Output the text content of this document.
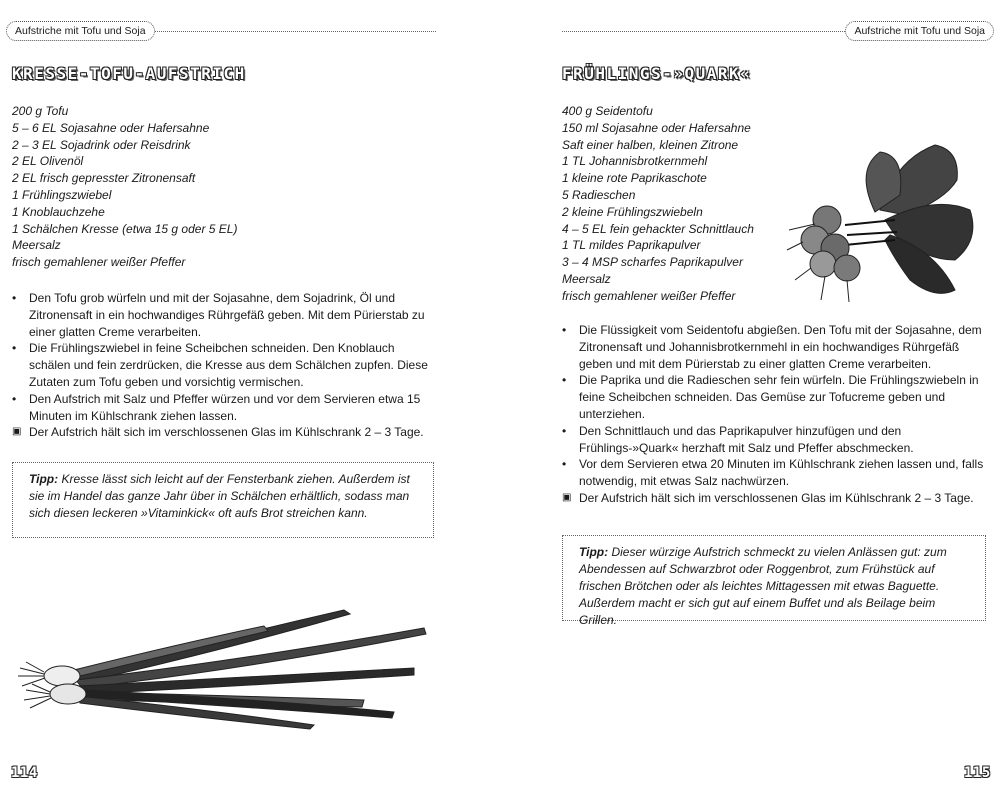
Aufstriche mit Tofu und Soja
KRESSE-TOFU-AUFSTRICH
200 g Tofu
5 – 6 EL Sojasahne oder Hafersahne
2 – 3 EL Sojadrink oder Reisdrink
2 EL Olivenöl
2 EL frisch gepresster Zitronensaft
1 Frühlingszwiebel
1 Knoblauchzehe
1 Schälchen Kresse (etwa 15 g oder 5 EL)
Meersalz
frisch gemahlener weißer Pfeffer
•	Den Tofu grob würfeln und mit der Sojasahne, dem Sojadrink, Öl und Zitronensaft in ein hochwandiges Rührgefäß geben. Mit dem Pürierstab zu einer glatten Creme verarbeiten.
•	Die Frühlingszwiebel in feine Scheibchen schneiden. Den Knoblauch schälen und fein zerdrücken, die Kresse aus dem Schälchen zupfen. Diese Zutaten zum Tofu geben und vorsichtig vermischen.
•	Den Aufstrich mit Salz und Pfeffer würzen und vor dem Servieren etwa 15 Minuten im Kühlschrank ziehen lassen.
▣ Der Aufstrich hält sich im verschlossenen Glas im Kühlschrank 2 – 3 Tage.
Tipp: Kresse lässt sich leicht auf der Fensterbank ziehen. Außerdem ist sie im Handel das ganze Jahr über in Schälchen erhältlich, sodass man sich diesen leckeren »Vitaminkick« oft aufs Brot streichen kann.
114
Aufstriche mit Tofu und Soja
FRÜHLINGS-»QUARK«
400 g Seidentofu
150 ml Sojasahne oder Hafersahne
Saft einer halben, kleinen Zitrone
1 TL Johannisbrotkernmehl
1 kleine rote Paprikaschote
5 Radieschen
2 kleine Frühlingszwiebeln
4 – 5 EL fein gehackter Schnittlauch
1 TL mildes Paprikapulver
3 – 4 MSP scharfes Paprikapulver
Meersalz
frisch gemahlener weißer Pfeffer
•	Die Flüssigkeit vom Seidentofu abgießen. Den Tofu mit der Sojasahne, dem Zitronensaft und Johannisbrotkernmehl in ein hochwandiges Rührgefäß geben und mit dem Pürierstab zu einer glatten Creme verarbeiten.
•	Die Paprika und die Radieschen sehr fein würfeln. Die Frühlingszwiebeln in feine Scheibchen schneiden. Das Gemüse zur Tofucreme geben und unterziehen.
•	Den Schnittlauch und das Paprikapulver hinzufügen und den Frühlings-»Quark« herzhaft mit Salz und Pfeffer abschmecken.
•	Vor dem Servieren etwa 20 Minuten im Kühlschrank ziehen lassen und, falls notwendig, mit etwas Salz nachwürzen.
▣ Der Aufstrich hält sich im verschlossenen Glas im Kühlschrank 2 – 3 Tage.
115
Tipp: Dieser würzige Aufstrich schmeckt zu vielen Anlässen gut: zum Abendessen auf Schwarzbrot oder Roggenbrot, zum Frühstück auf frischen Brötchen oder als leichtes Mittagessen mit etwas Baguette. Außerdem macht er sich gut auf einem Buffet und als Beilage beim Grillen.
